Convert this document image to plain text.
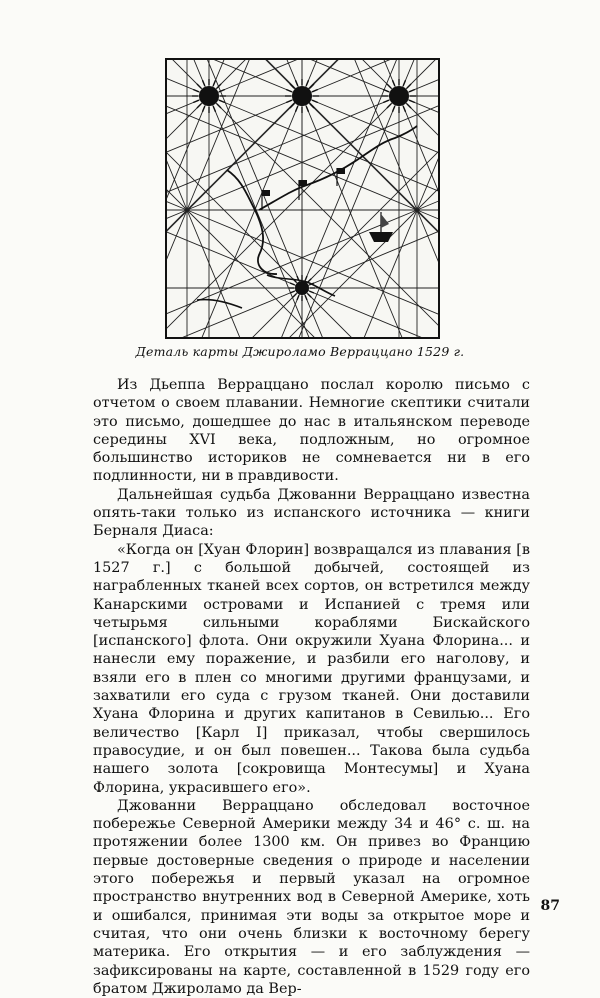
Деталь карты Джироламо Верраццано 1529 г.

Из Дьеппа Верраццано послал королю письмо с отчетом о своем плавании. Немногие скептики считали это письмо, дошедшее до нас в итальянском переводе середины XVI века, подложным, но огромное большинство историков не сомневается ни в его подлинности, ни в правдивости.

Дальнейшая судьба Джованни Верраццано известна опять-таки только из испанского источника — книги Берналя Диаса:

«Когда он [Хуан Флорин] возвращался из плавания [в 1527 г.] с большой добычей, состоящей из награбленных тканей всех сортов, он встретился между Канарскими островами и Испанией с тремя или четырьмя сильными кораблями Бискайского [испанского] флота. Они окружили Хуана Флорина... и нанесли ему поражение, и разбили его наголову, и взяли его в плен со многими другими французами, и захватили его суда с грузом тканей. Они доставили Хуана Флорина и других капитанов в Севилью... Его величество [Карл I] приказал, чтобы свершилось правосудие, и он был повешен... Такова была судьба нашего золота [сокровища Монтесумы] и Хуана Флорина, украсившего его».

Джованни Верраццано обследовал восточное побережье Северной Америки между 34 и 46° с. ш. на протяжении более 1300 км. Он привез во Францию первые достоверные сведения о природе и населении этого побережья и первый указал на огромное пространство внутренних вод в Северной Америке, хоть и ошибался, принимая эти воды за открытое море и считая, что они очень близки к восточному берегу материка. Его открытия — и его заблуждения — зафиксированы на карте, составленной в 1529 году его братом Джироламо да Вер-

87
